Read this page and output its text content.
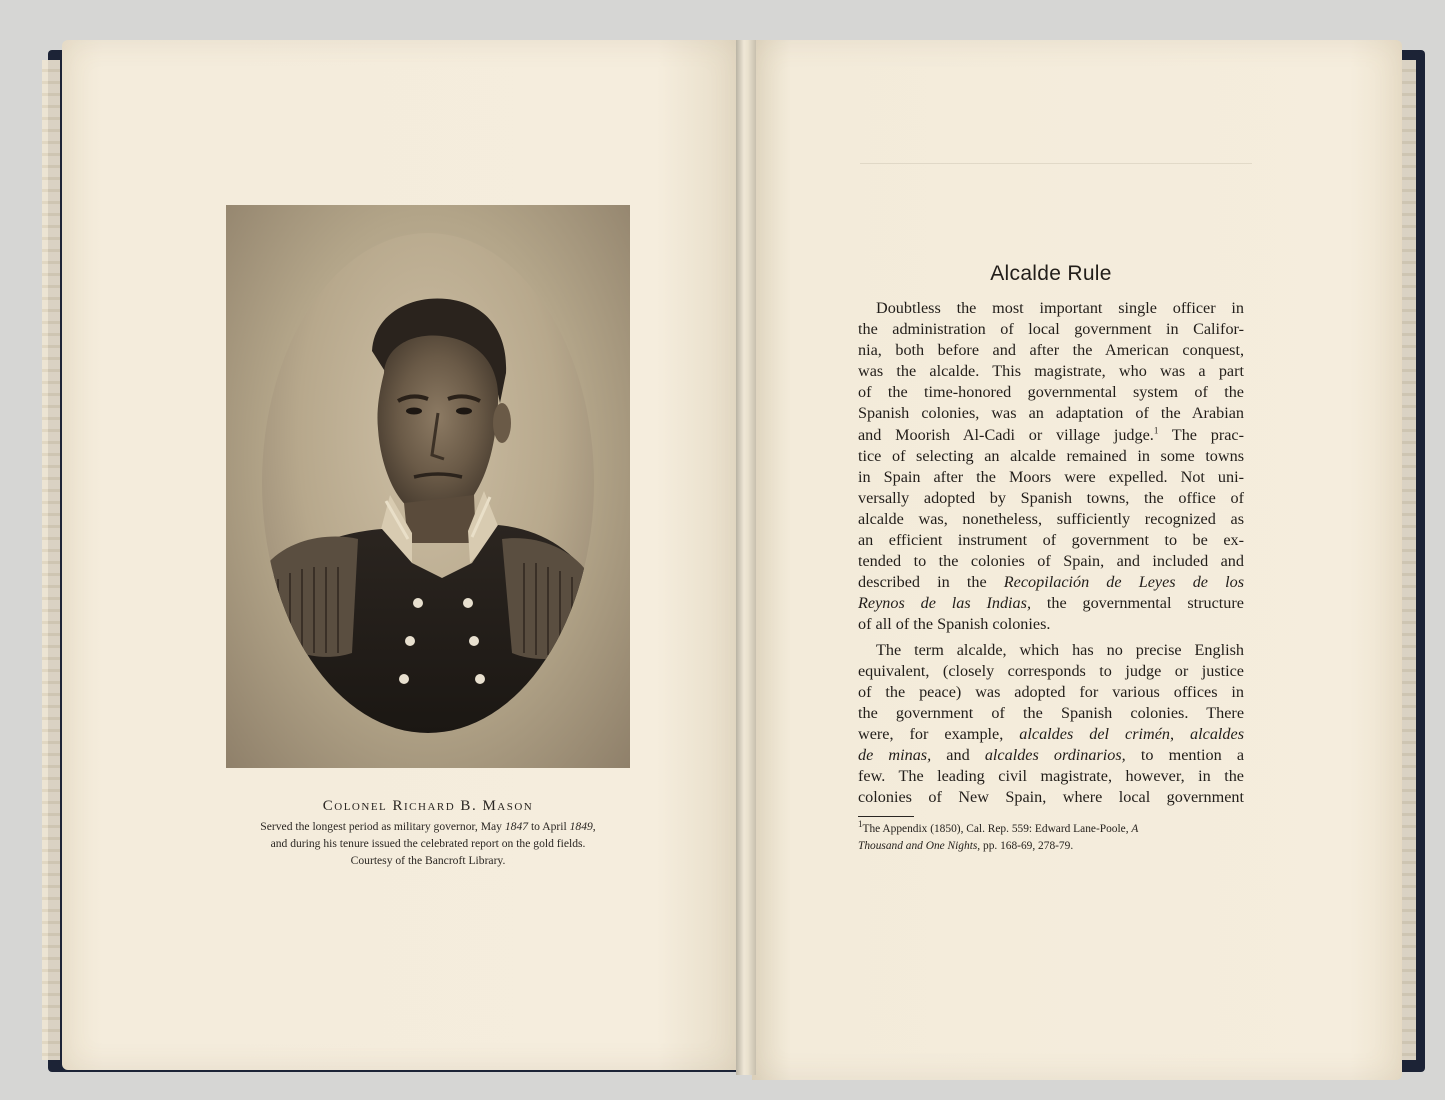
Colonel Richard B. Mason
Served the longest period as military governor, May 1847 to April 1849,
and during his tenure issued the celebrated report on the gold fields.
Courtesy of the Bancroft Library.
Alcalde Rule
Doubtless the most important single officer in
the administration of local government in Califor-
nia, both before and after the American conquest,
was the alcalde. This magistrate, who was a part
of the time-honored governmental system of the
Spanish colonies, was an adaptation of the Arabian
and Moorish Al-Cadi or village judge.$^1$ The prac-
tice of selecting an alcalde remained in some towns
in Spain after the Moors were expelled. Not uni-
versally adopted by Spanish towns, the office of
alcalde was, nonetheless, sufficiently recognized as
an efficient instrument of government to be ex-
tended to the colonies of Spain, and included and
described in the Recopilación de Leyes de los
Reynos de las Indias, the governmental structure
of all of the Spanish colonies.
The term alcalde, which has no precise English
equivalent, (closely corresponds to judge or justice
of the peace) was adopted for various offices in
the government of the Spanish colonies. There
were, for example, alcaldes del crimén, alcaldes
de minas, and alcaldes ordinarios, to mention a
few. The leading civil magistrate, however, in the
colonies of New Spain, where local government
$^1$The Appendix (1850), Cal. Rep. 559: Edward Lane-Poole, A
Thousand and One Nights, pp. 168-69, 278-79.
